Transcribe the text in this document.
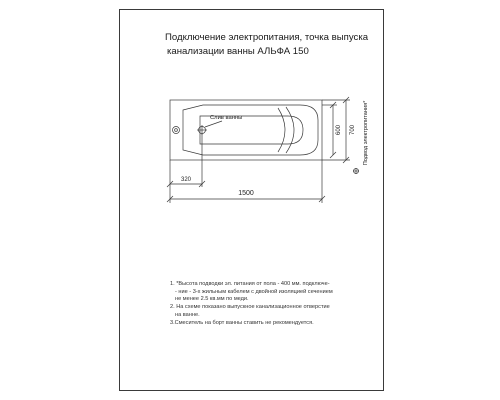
Подключение электропитания, точка выпуска
канализации ванны АЛЬФА 150
Слив ванны
1500
320
700
600	Подвод электропитания*
1. *Высота подводки эл. питания от пола - 400 мм. подключе-
- ние - 3-х жильным кабелем с двойной изоляцией сечением
не менее 2.5 кв.мм по меди.
2. На схеме показано выпускное канализационное отверстие
на ванне.
3.Смеситель на борт ванны ставить не рекомендуется.
